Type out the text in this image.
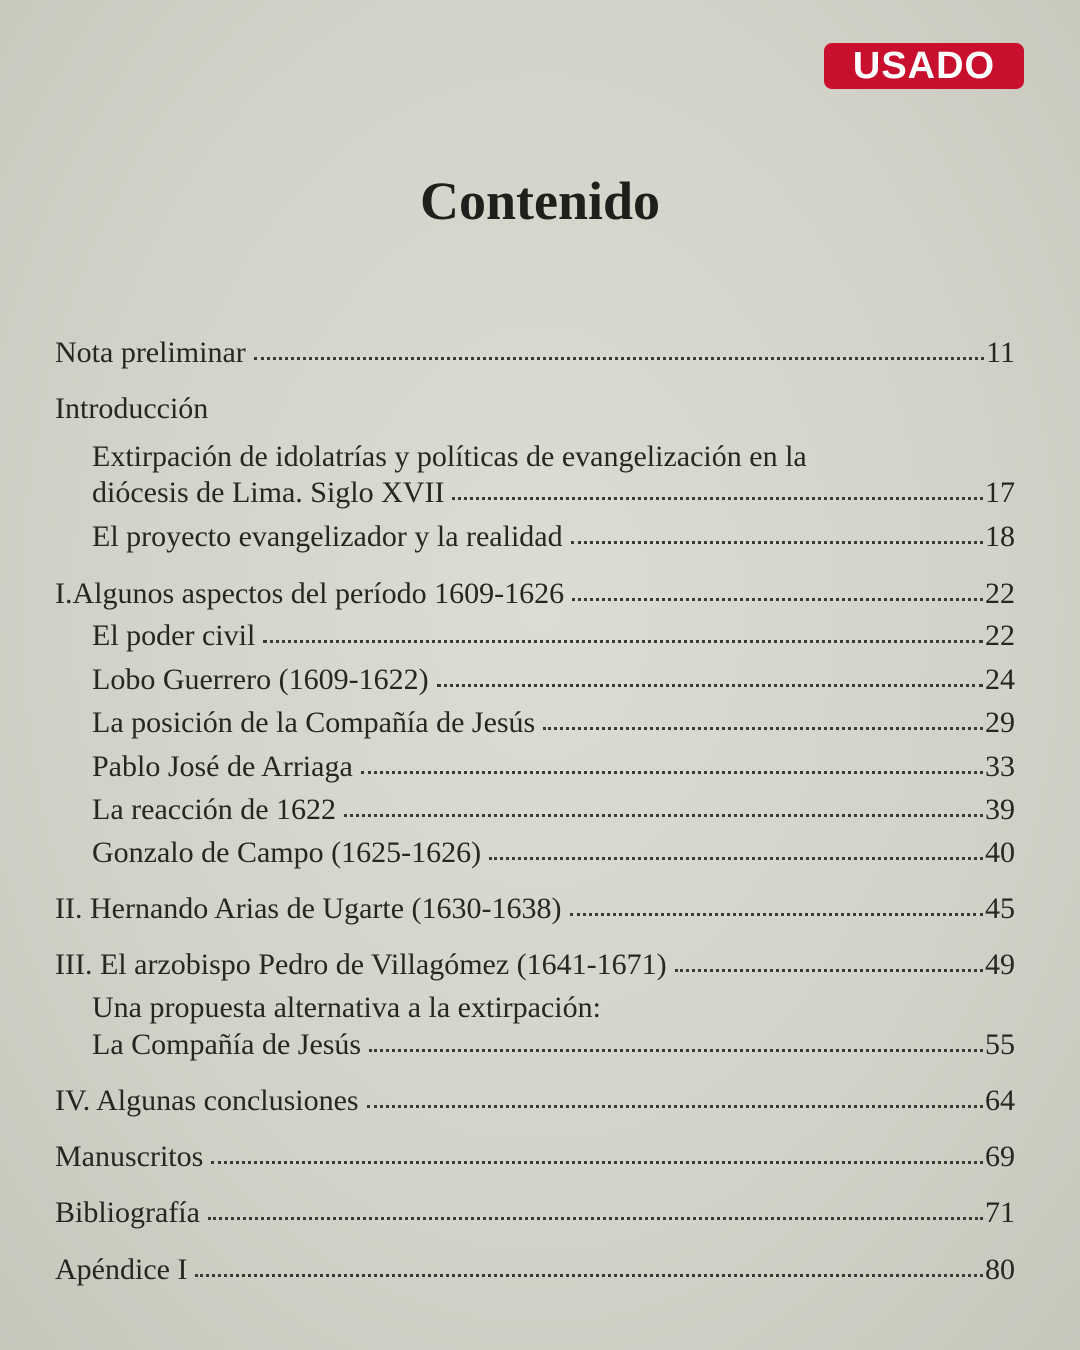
USADO
Contenido
Nota preliminar	11
Introducción
Extirpación de idolatrías y políticas de evangelización en la
diócesis de Lima. Siglo XVII	17
El proyecto evangelizador y la realidad	18
I.Algunos aspectos del período 1609-1626	22
El poder civil	22
Lobo Guerrero (1609-1622)	24
La posición de la Compañía de Jesús	29
Pablo José de Arriaga	33
La reacción de 1622	39
Gonzalo de Campo (1625-1626)	40
II. Hernando Arias de Ugarte (1630-1638)	45
III. El arzobispo Pedro de Villagómez (1641-1671)	49
Una propuesta alternativa a la extirpación:
La Compañía de Jesús	55
IV. Algunas conclusiones	64
Manuscritos	69
Bibliografía	71
Apéndice I	80
